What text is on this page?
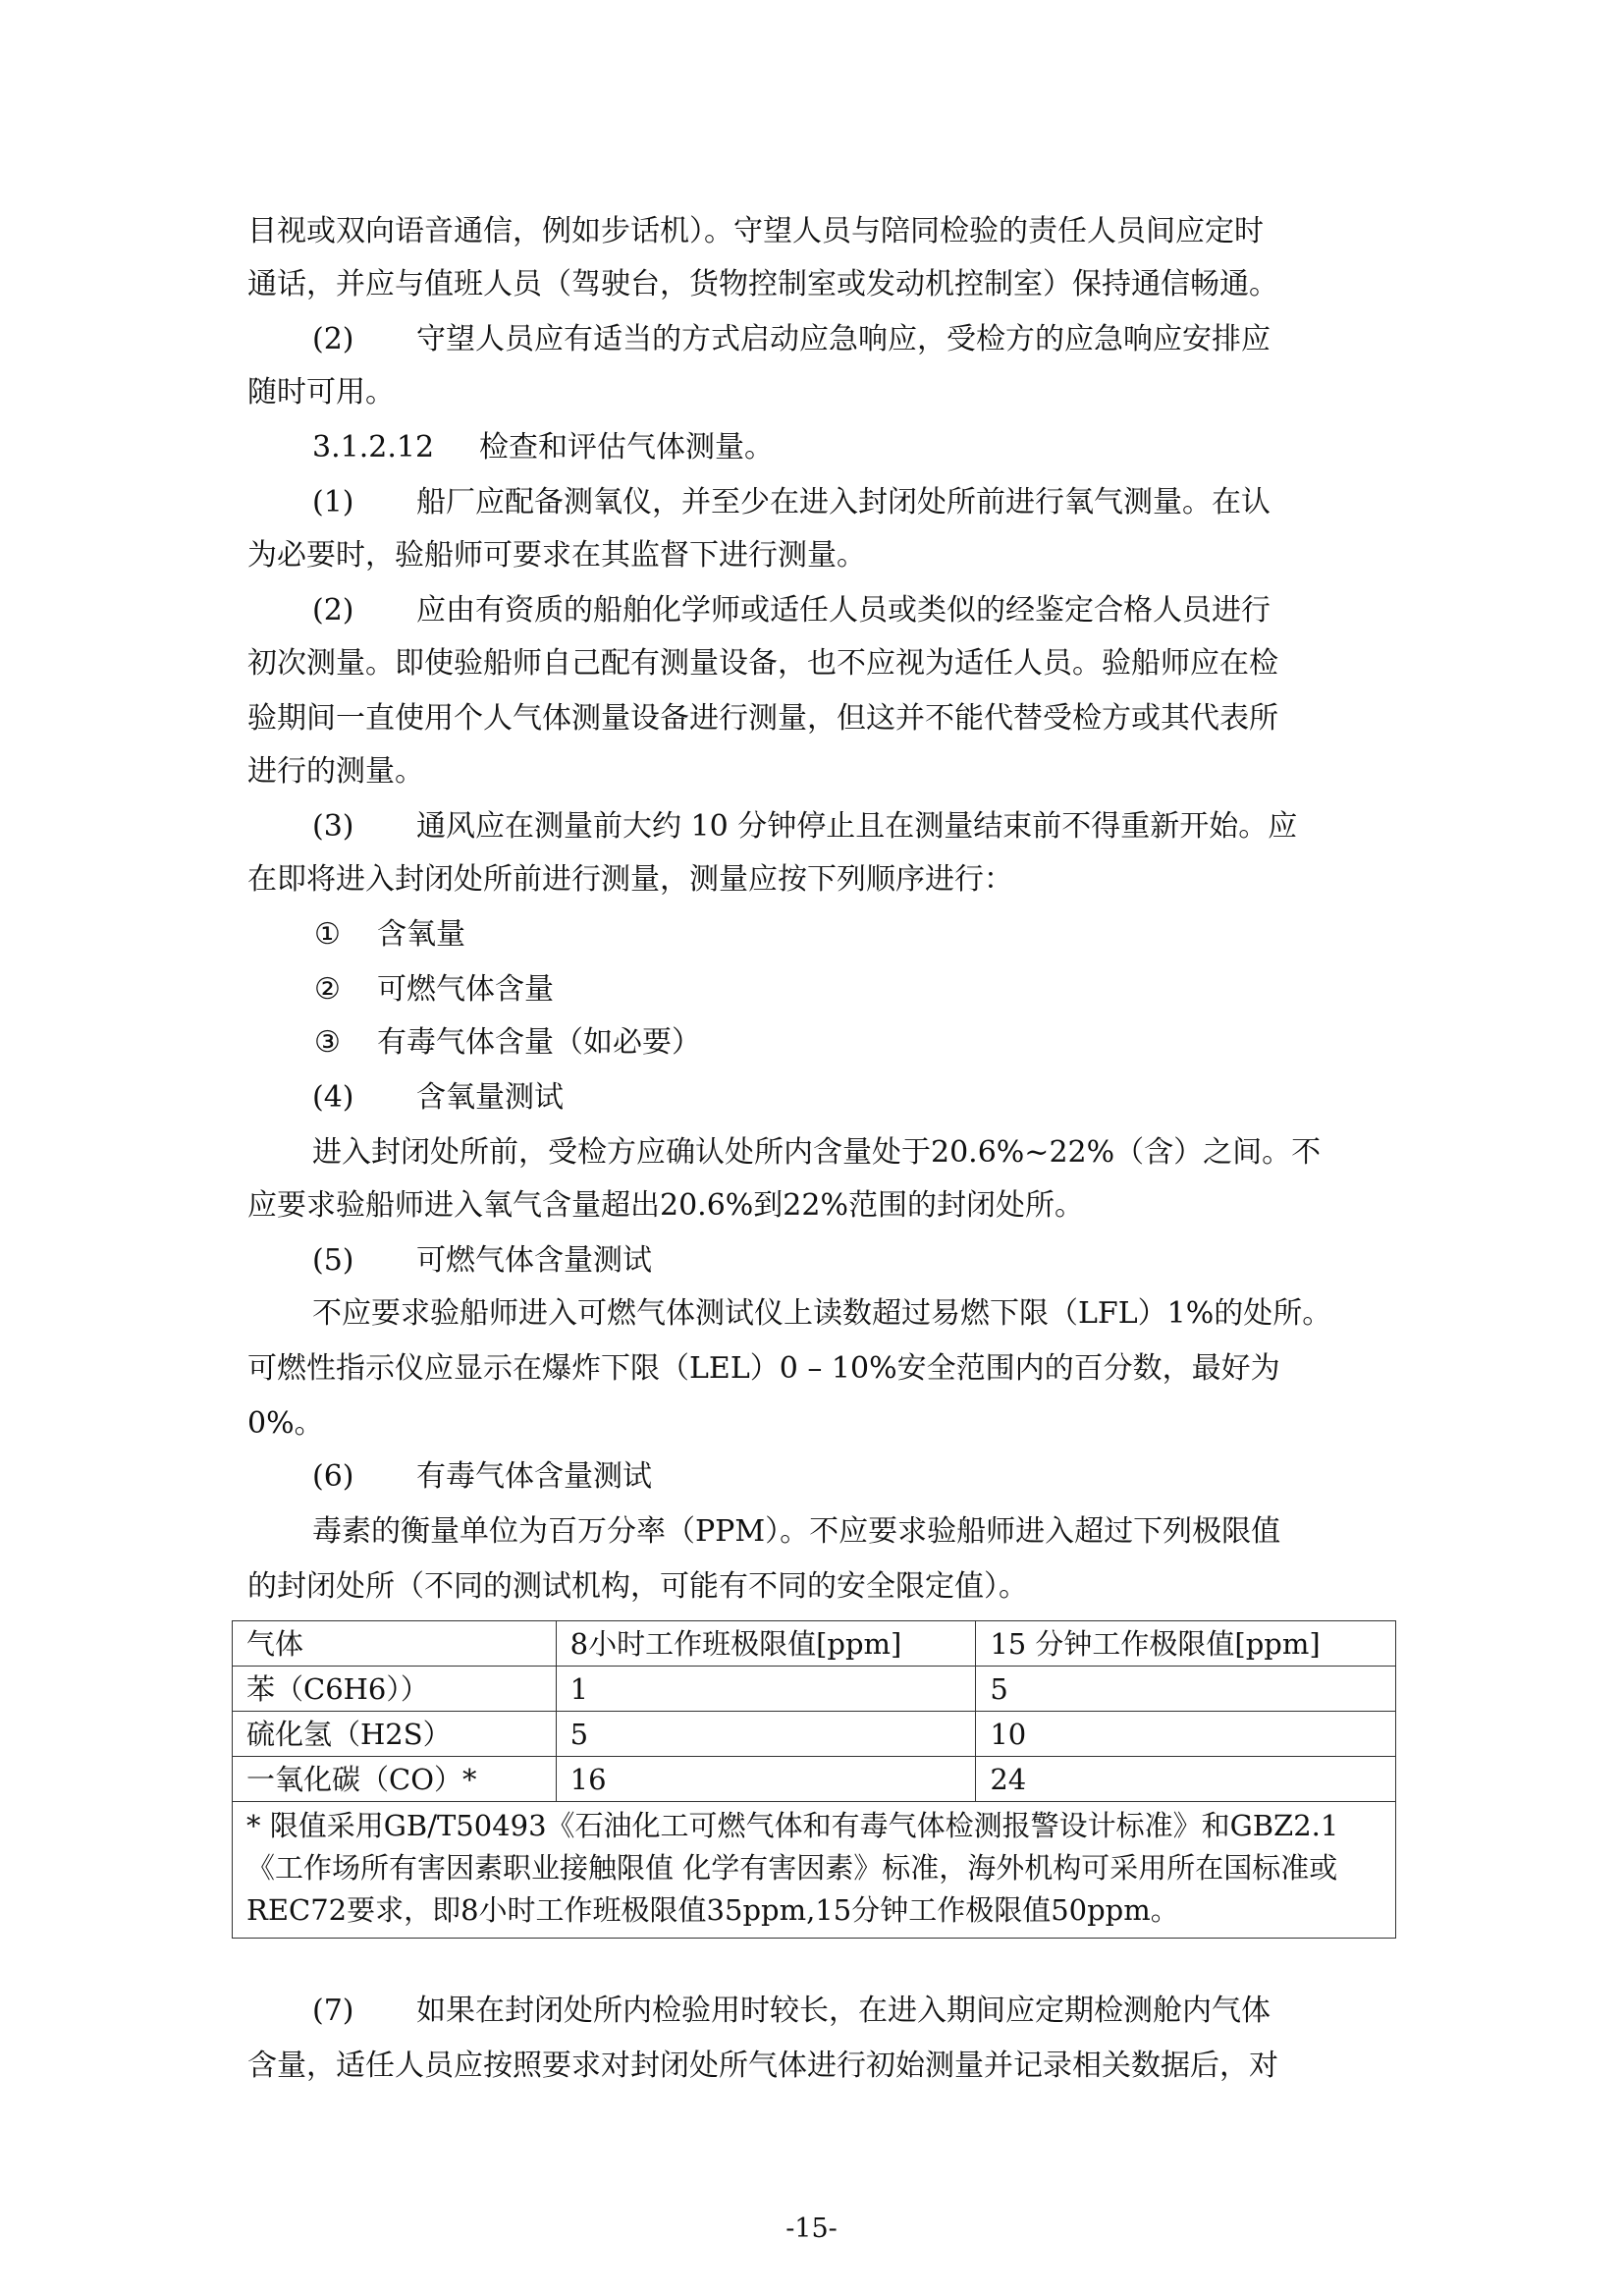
目视或双向语音通信，例如步话机）。守望人员与陪同检验的责任人员间应定时
通话，并应与值班人员（驾驶台，货物控制室或发动机控制室）保持通信畅通。
(2) 守望人员应有适当的方式启动应急响应，受检方的应急响应安排应
随时可用。
3.1.2.12 检查和评估气体测量。
(1) 船厂应配备测氧仪，并至少在进入封闭处所前进行氧气测量。在认
为必要时，验船师可要求在其监督下进行测量。
(2) 应由有资质的船舶化学师或适任人员或类似的经鉴定合格人员进行
初次测量。即使验船师自己配有测量设备，也不应视为适任人员。验船师应在检
验期间一直使用个人气体测量设备进行测量，但这并不能代替受检方或其代表所
进行的测量。
(3) 通风应在测量前大约 10 分钟停止且在测量结束前不得重新开始。应
在即将进入封闭处所前进行测量，测量应按下列顺序进行：
① 含氧量
② 可燃气体含量
③ 有毒气体含量（如必要）
(4) 含氧量测试
进入封闭处所前，受检方应确认处所内含量处于20.6%~22%（含）之间。不
应要求验船师进入氧气含量超出20.6%到22%范围的封闭处所。
(5) 可燃气体含量测试
不应要求验船师进入可燃气体测试仪上读数超过易燃下限（LFL）1%的处所。
可燃性指示仪应显示在爆炸下限（LEL）0 – 10%安全范围内的百分数，最好为
0%。
(6) 有毒气体含量测试
毒素的衡量单位为百万分率（PPM）。不应要求验船师进入超过下列极限值
的封闭处所（不同的测试机构，可能有不同的安全限定值）。
气体	8小时工作班极限值[ppm]	15 分钟工作极限值[ppm]
苯（C6H6））	1	5
硫化氢（H2S）	5	10
一氧化碳（CO）*	16	24
* 限值采用GB/T50493《石油化工可燃气体和有毒气体检测报警设计标准》和GBZ2.1《工作场所有害因素职业接触限值 化学有害因素》标准，海外机构可采用所在国标准或REC72要求，即8小时工作班极限值35ppm,15分钟工作极限值50ppm。		
(7) 如果在封闭处所内检验用时较长，在进入期间应定期检测舱内气体
含量，适任人员应按照要求对封闭处所气体进行初始测量并记录相关数据后，对
-15-
